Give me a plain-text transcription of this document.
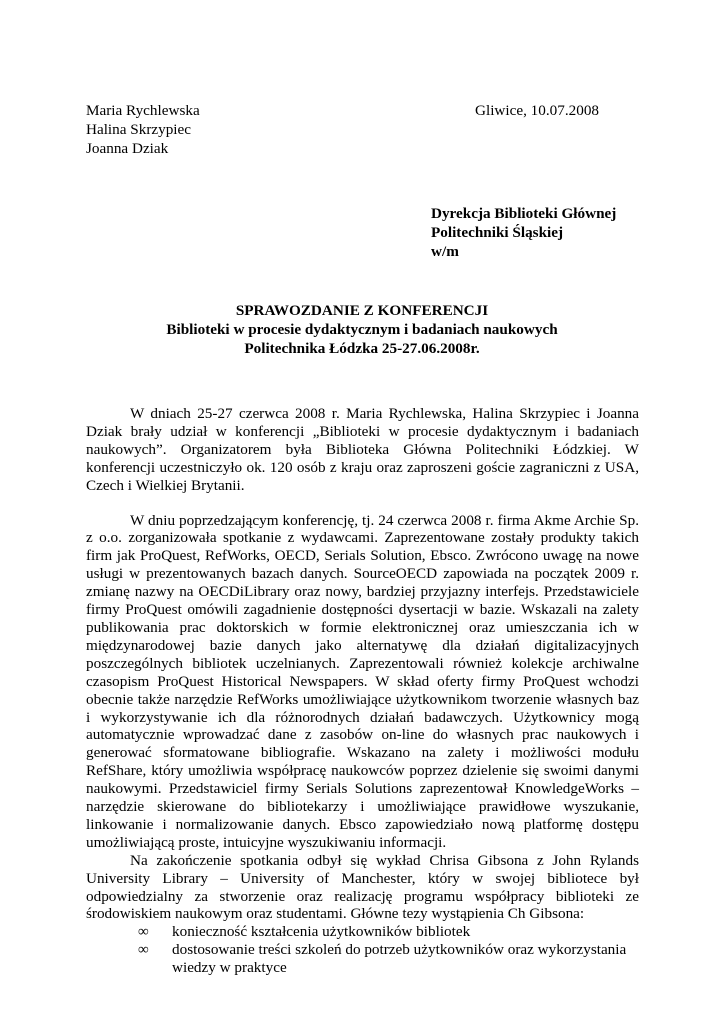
Maria Rychlewska
Halina Skrzypiec
Joanna Dziak
Gliwice, 10.07.2008
Dyrekcja Biblioteki Głównej
Politechniki Śląskiej
w/m
SPRAWOZDANIE Z KONFERENCJI
Biblioteki w procesie dydaktycznym i badaniach naukowych
Politechnika Łódzka 25-27.06.2008r.

W dniach 25-27 czerwca 2008 r. Maria Rychlewska, Halina Skrzypiec i Joanna Dziak brały udział w konferencji „Biblioteki w procesie dydaktycznym i badaniach naukowych”. Organizatorem była Biblioteka Główna Politechniki Łódzkiej. W konferencji uczestniczyło ok. 120 osób z kraju oraz zaproszeni goście zagraniczni z USA, Czech i Wielkiej Brytanii.

W dniu poprzedzającym konferencję, tj. 24 czerwca 2008 r. firma Akme Archie Sp. z o.o. zorganizowała spotkanie z wydawcami. Zaprezentowane zostały produkty takich firm jak ProQuest, RefWorks, OECD, Serials Solution, Ebsco. Zwrócono uwagę na nowe usługi w prezentowanych bazach danych. SourceOECD zapowiada na początek 2009 r. zmianę nazwy na OECDiLibrary oraz nowy, bardziej przyjazny interfejs. Przedstawiciele firmy ProQuest omówili zagadnienie dostępności dysertacji w bazie. Wskazali na zalety publikowania prac doktorskich w formie elektronicznej oraz umieszczania ich w międzynarodowej bazie danych jako alternatywę dla działań digitalizacyjnych poszczególnych bibliotek uczelnianych. Zaprezentowali również kolekcje archiwalne czasopism ProQuest Historical Newspapers. W skład oferty firmy ProQuest wchodzi obecnie także narzędzie RefWorks umożliwiające użytkownikom tworzenie własnych baz i wykorzystywanie ich dla różnorodnych działań badawczych. Użytkownicy mogą automatycznie wprowadzać dane z zasobów on-line do własnych prac naukowych i generować sformatowane bibliografie. Wskazano na zalety i możliwości modułu RefShare, który umożliwia współpracę naukowców poprzez dzielenie się swoimi danymi naukowymi. Przedstawiciel firmy Serials Solutions zaprezentował KnowledgeWorks – narzędzie skierowane do bibliotekarzy i umożliwiające prawidłowe wyszukanie, linkowanie i normalizowanie danych. Ebsco zapowiedziało nową platformę dostępu umożliwiającą proste, intuicyjne wyszukiwaniu informacji.

Na zakończenie spotkania odbył się wykład Chrisa Gibsona z John Rylands University Library – University of Manchester, który w swojej bibliotece był odpowiedzialny za stworzenie oraz realizację programu współpracy biblioteki ze środowiskiem naukowym oraz studentami. Główne tezy wystąpienia Ch Gibsona:

∞ konieczność kształcenia użytkowników bibliotek
∞ dostosowanie treści szkoleń do potrzeb użytkowników oraz wykorzystania wiedzy w praktyce
